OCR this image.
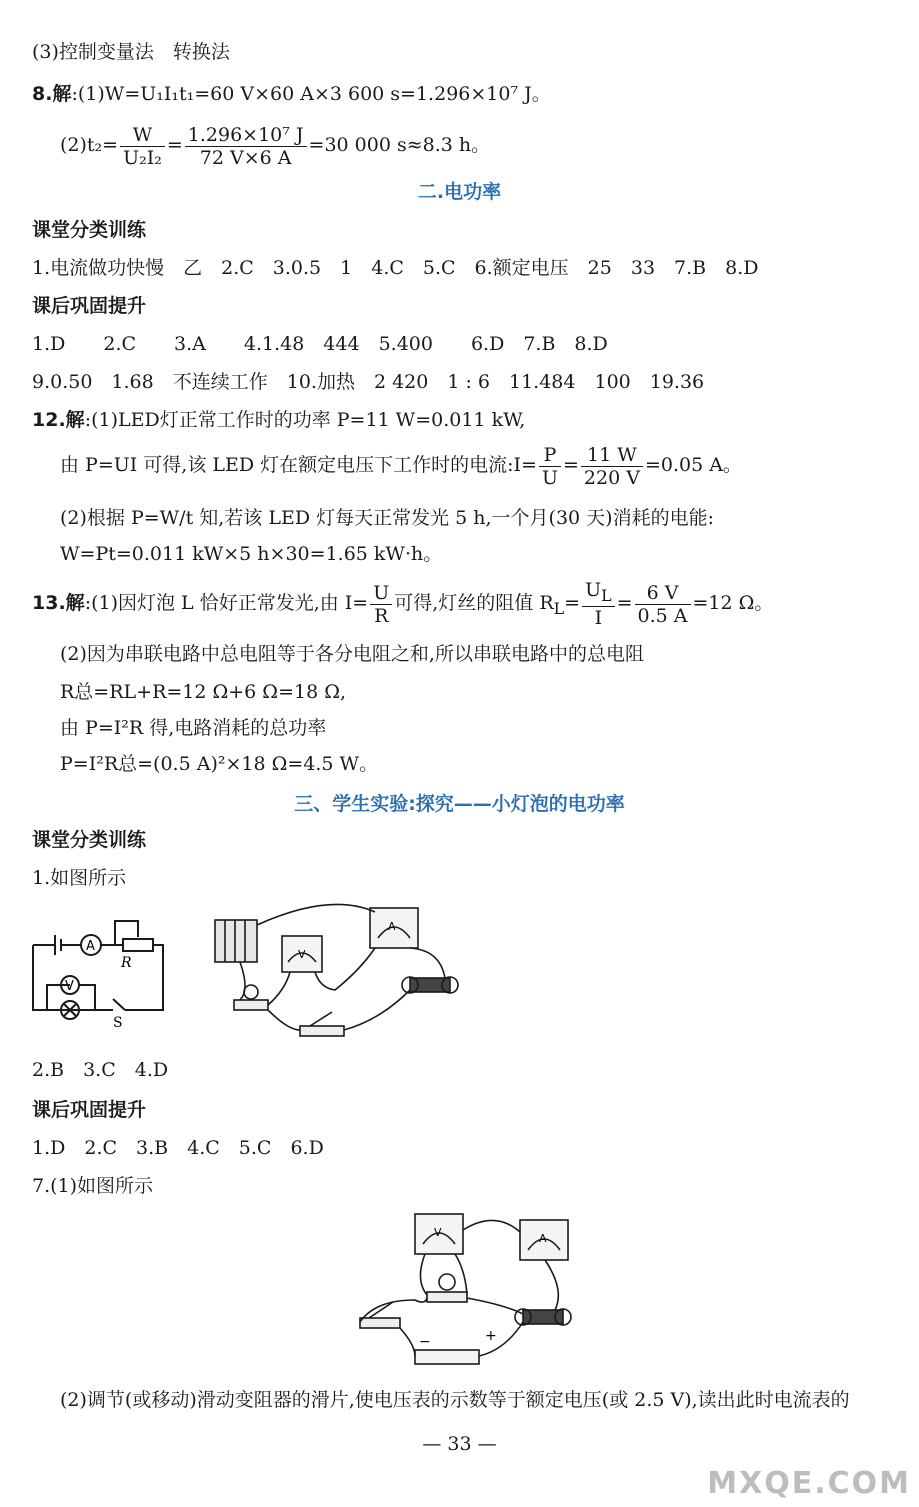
(3)控制变量法　转换法
8.解:(1)W=U₁I₁t₁=60 V×60 A×3 600 s=1.296×10⁷ J。
$(2)t_2= \frac{W}{\text{U₂I₂}} = \frac{\text{1.296×10⁷ J}}{72 V\times 6 A} =30$ 000 s≈8.3 h。
二.电功率
课堂分类训练
1.电流做功快慢　乙　2.C　3.0.5　1　4.C　5.C　6.额定电压　25　33　7.B　8.D
课后巩固提升
1.D　　2.C　　3.A　　4.1.48　444　5.400　　6.D　7.B　8.D
9.0.50　1.68　不连续工作　10.加热　2 420　1 : 6　11.484　100　19.36
12.解:(1)LED灯正常工作时的功率 P=11 W=0.011 kW,
由 P=UI 可得,该 LED 灯在额定电压下工作时的电流:I= $\frac{P}{U} = \frac{11 W}{220 V} =0.05$ A。
(2)根据 P=W/t 知,若该 LED 灯每天正常发光 5 h,一个月(30 天)消耗的电能:
W=Pt=0.011 kW×5 h×30=1.65 kW·h。
13.解:(1)因灯泡 L 恰好正常发光,由 $I= \frac{U}{R}$ 可得,灯丝的阻值 $R_L= \frac{U_L}{I} = \frac{6 V}{0.5 A} =12$ Ω。
(2)因为串联电路中总电阻等于各分电阻之和,所以串联电路中的总电阻
R总=RL+R=12 Ω+6 Ω=18 Ω,
由 P=I²R 得,电路消耗的总功率
P=I²R总=(0.5 A)²×18 Ω=4.5 W。
三、学生实验:探究——小灯泡的电功率
课堂分类训练
1.如图所示
A
V
R
S
A
V
2.B　3.C　4.D
课后巩固提升
1.D　2.C　3.B　4.C　5.C　6.D
7.(1)如图所示
V	A
−	+
(2)调节(或移动)滑动变阻器的滑片,使电压表的示数等于额定电压(或 2.5 V),读出此时电流表的
— 33 —
MXQE.COM
